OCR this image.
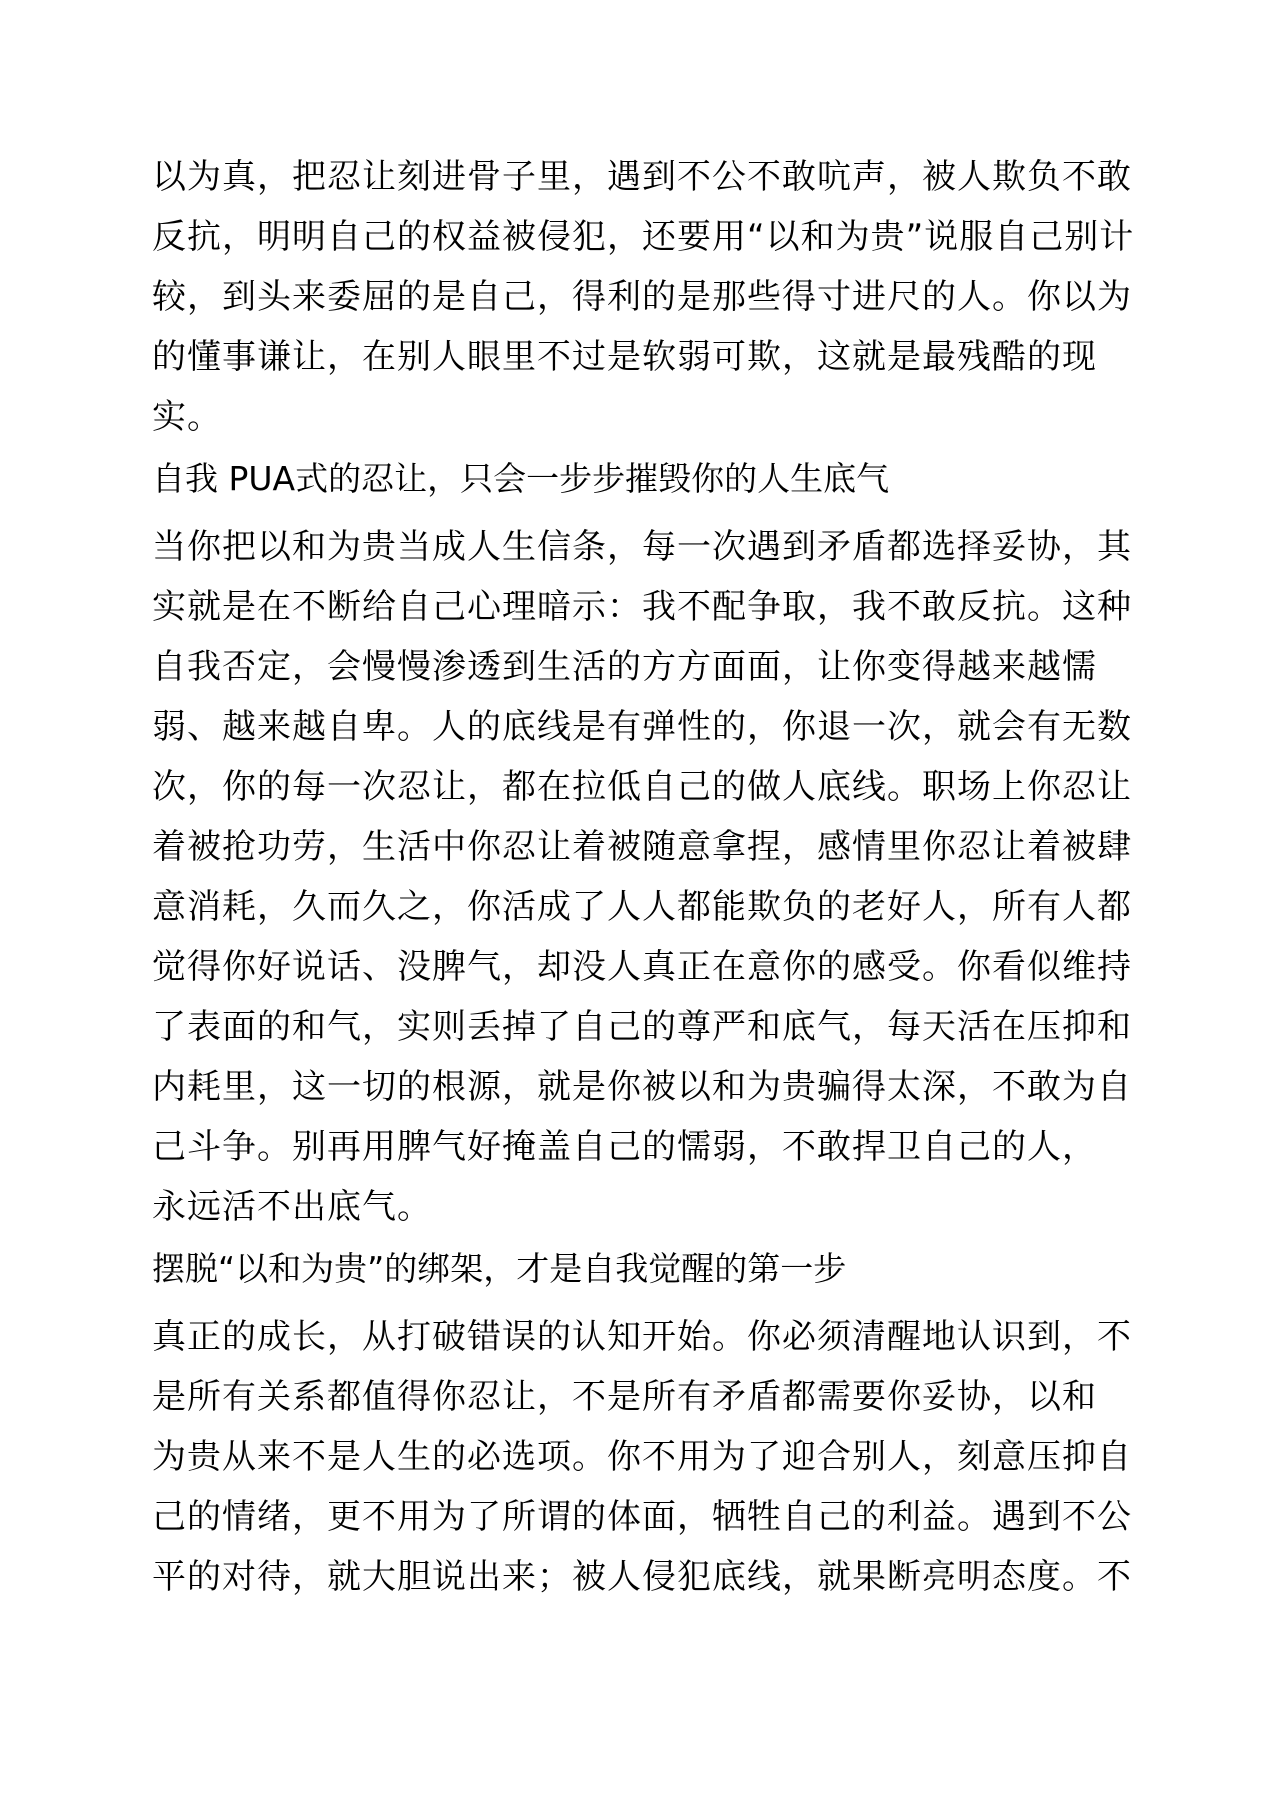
以为真，把忍让刻进骨子里，遇到不公不敢吭声，被人欺负不敢
反抗，明明自己的权益被侵犯，还要用“以和为贵”说服自己别计
较，到头来委屈的是自己，得利的是那些得寸进尺的人。你以为
的懂事谦让，在别人眼里不过是软弱可欺，这就是最残酷的现
实。
自我 PUA式的忍让，只会一步步摧毁你的人生底气
当你把以和为贵当成人生信条，每一次遇到矛盾都选择妥协，其
实就是在不断给自己心理暗示：我不配争取，我不敢反抗。这种
自我否定，会慢慢渗透到生活的方方面面，让你变得越来越懦
弱、越来越自卑。人的底线是有弹性的，你退一次，就会有无数
次，你的每一次忍让，都在拉低自己的做人底线。职场上你忍让
着被抢功劳，生活中你忍让着被随意拿捏，感情里你忍让着被肆
意消耗，久而久之，你活成了人人都能欺负的老好人，所有人都
觉得你好说话、没脾气，却没人真正在意你的感受。你看似维持
了表面的和气，实则丢掉了自己的尊严和底气，每天活在压抑和
内耗里，这一切的根源，就是你被以和为贵骗得太深，不敢为自
己斗争。别再用脾气好掩盖自己的懦弱，不敢捍卫自己的人，
永远活不出底气。
摆脱“以和为贵”的绑架，才是自我觉醒的第一步
真正的成长，从打破错误的认知开始。你必须清醒地认识到，不
是所有关系都值得你忍让，不是所有矛盾都需要你妥协，以和
为贵从来不是人生的必选项。你不用为了迎合别人，刻意压抑自
己的情绪，更不用为了所谓的体面，牺牲自己的利益。遇到不公
平的对待，就大胆说出来；被人侵犯底线，就果断亮明态度。不
